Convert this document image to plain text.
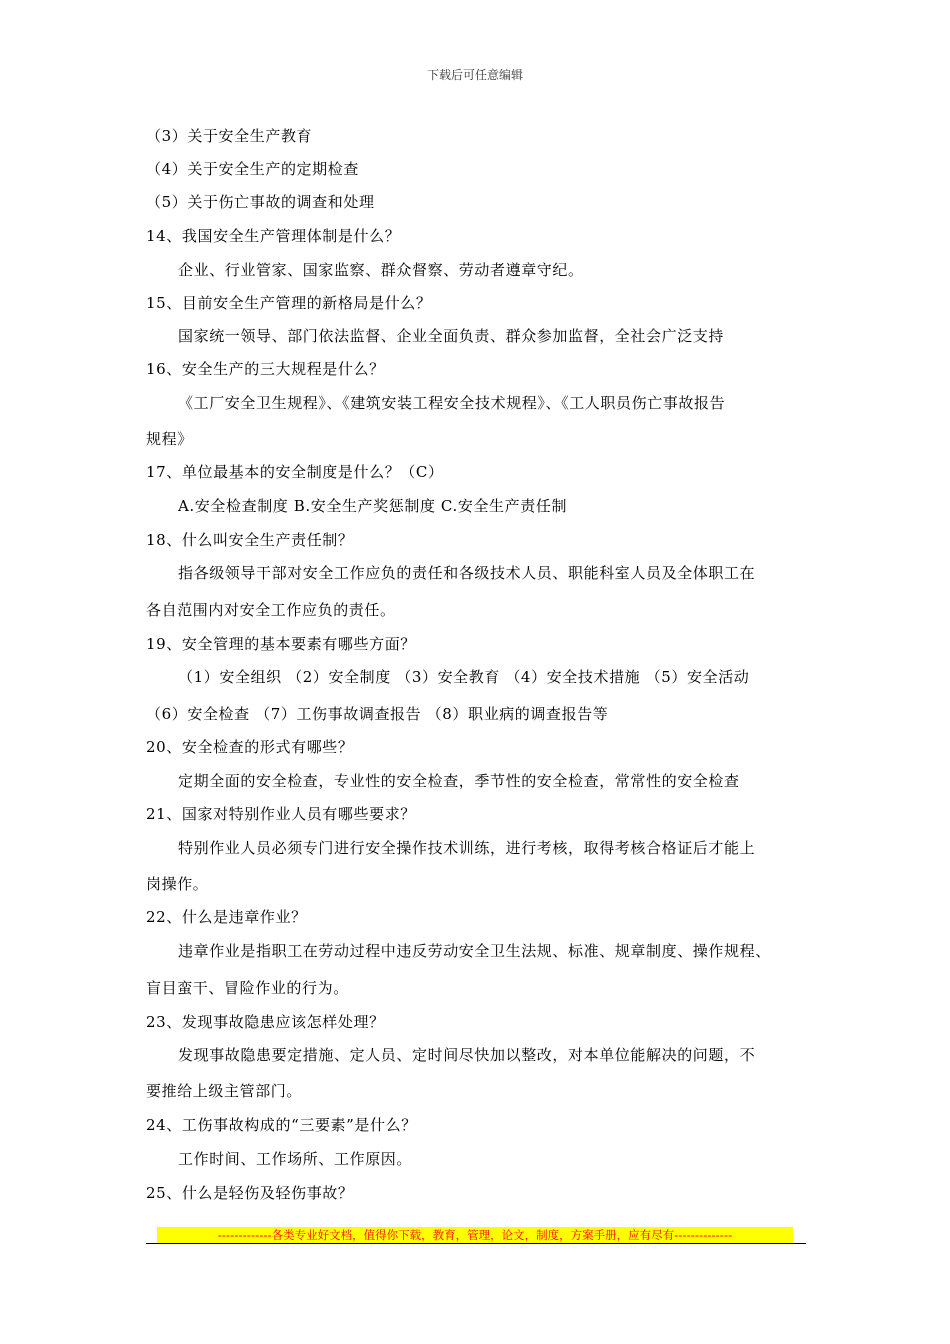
下载后可任意编辑
（3）关于安全生产教育
（4）关于安全生产的定期检查
（5）关于伤亡事故的调查和处理
14、我国安全生产管理体制是什么？
企业、行业管家、国家监察、群众督察、劳动者遵章守纪。
15、目前安全生产管理的新格局是什么？
国家统一领导、部门依法监督、企业全面负责、群众参加监督，全社会广泛支持
16、安全生产的三大规程是什么？
《工厂安全卫生规程》、《建筑安装工程安全技术规程》、《工人职员伤亡事故报告
规程》
17、单位最基本的安全制度是什么？（C）
A.安全检查制度 B.安全生产奖惩制度 C.安全生产责任制
18、什么叫安全生产责任制？
指各级领导干部对安全工作应负的责任和各级技术人员、职能科室人员及全体职工在
各自范围内对安全工作应负的责任。
19、安全管理的基本要素有哪些方面？
（1）安全组织 （2）安全制度 （3）安全教育 （4）安全技术措施 （5）安全活动
（6）安全检查 （7）工伤事故调查报告 （8）职业病的调查报告等
20、安全检查的形式有哪些？
定期全面的安全检查，专业性的安全检查，季节性的安全检查，常常性的安全检查
21、国家对特别作业人员有哪些要求？
特别作业人员必须专门进行安全操作技术训练，进行考核，取得考核合格证后才能上
岗操作。
22、什么是违章作业？
违章作业是指职工在劳动过程中违反劳动安全卫生法规、标准、规章制度、操作规程、
盲目蛮干、冒险作业的行为。
23、发现事故隐患应该怎样处理？
发现事故隐患要定措施、定人员、定时间尽快加以整改，对本单位能解决的问题，不
要推给上级主管部门。
24、工伤事故构成的“三要素”是什么？
工作时间、工作场所、工作原因。
25、什么是轻伤及轻伤事故？
-------------各类专业好文档，值得你下载，教育，管理，论文，制度，方案手册，应有尽有--------------
